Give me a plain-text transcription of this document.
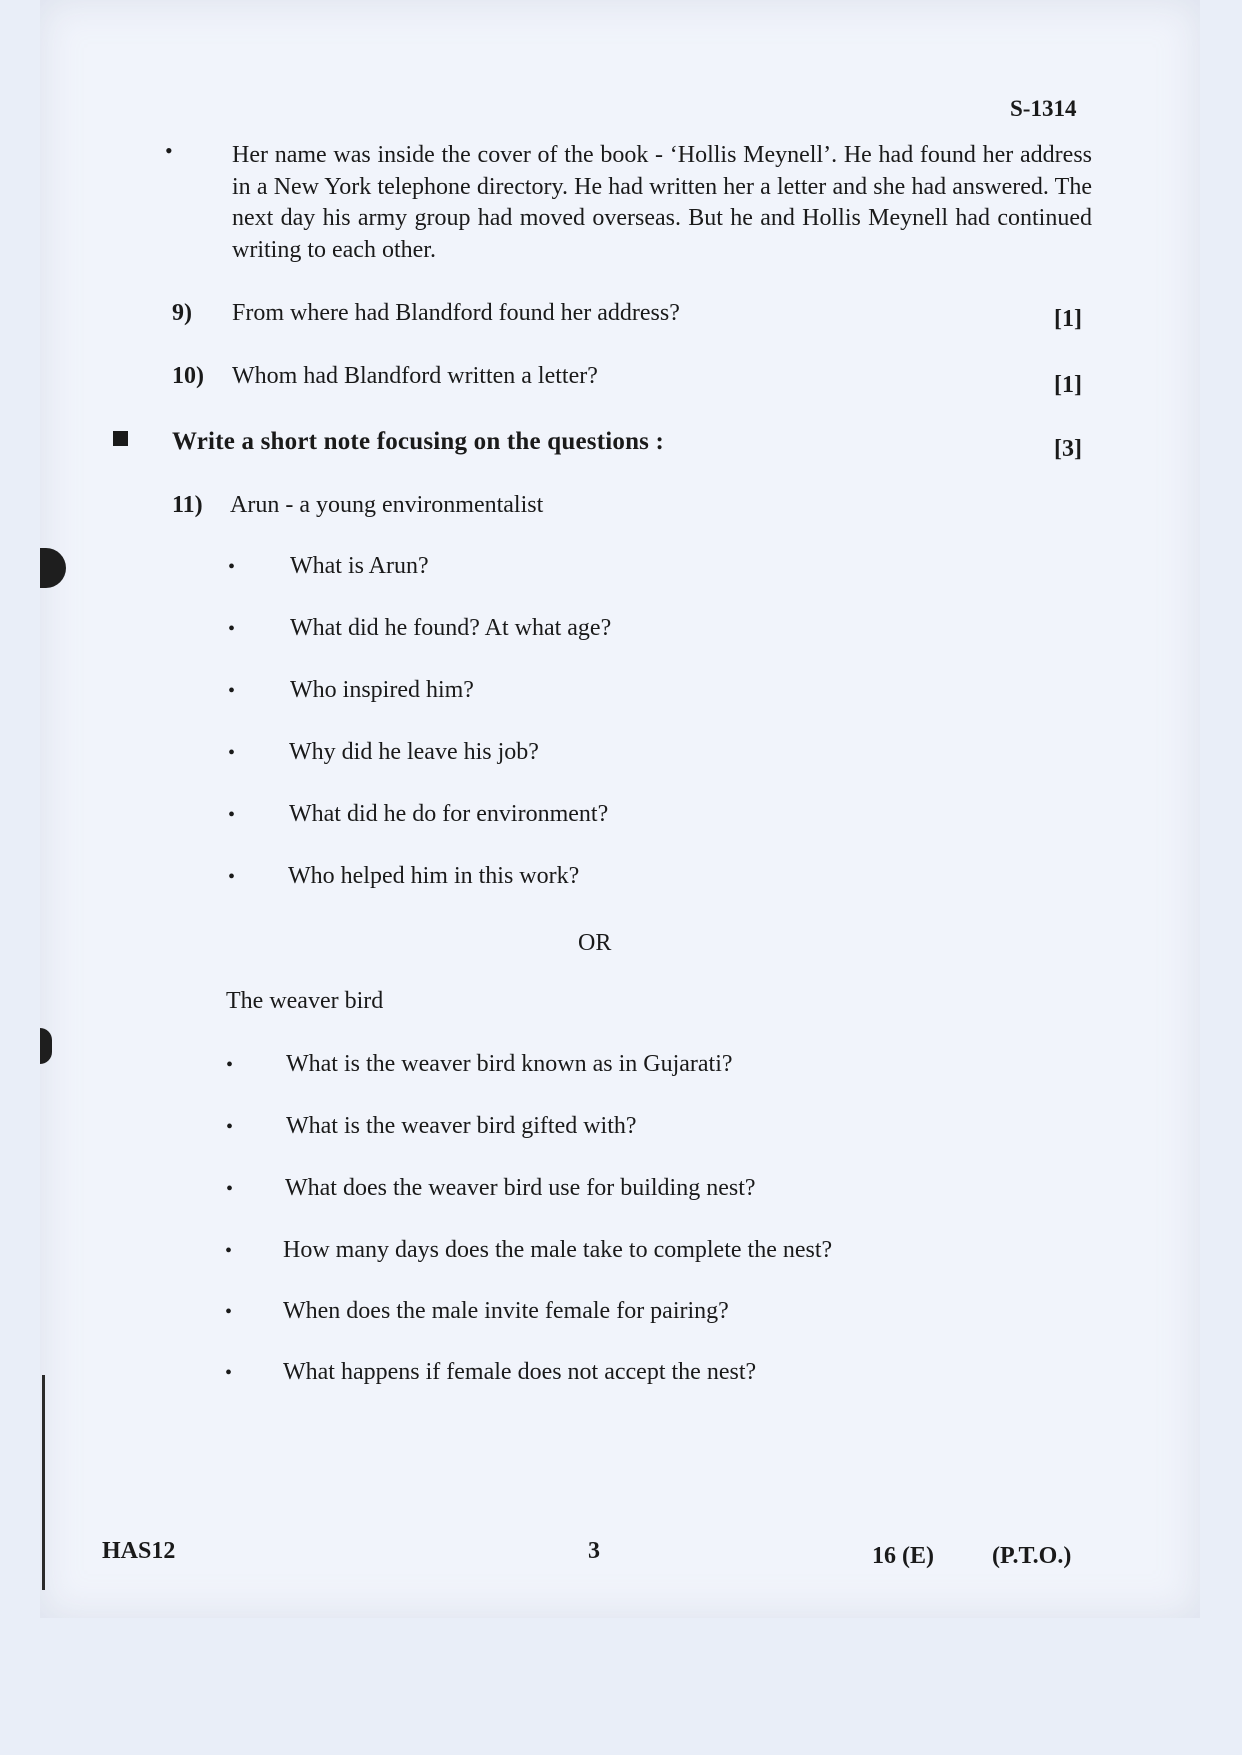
S-1314
• Her name was inside the cover of the book - ‘Hollis Meynell’. He had found her address in a New York telephone directory. He had written her a letter and she had answered. The next day his army group had moved overseas. But he and Hollis Meynell had continued writing to each other.
9) From where had Blandford found her address?	[1]
10) Whom had Blandford written a letter?	[1]
Write a short note focusing on the questions :	[3]
11) Arun - a young environmentalist
• What is Arun?
• What did he found? At what age?
• Who inspired him?
• Why did he leave his job?
• What did he do for environment?
• Who helped him in this work?
OR
The weaver bird
• What is the weaver bird known as in Gujarati?
• What is the weaver bird gifted with?
• What does the weaver bird use for building nest?
• How many days does the male take to complete the nest?
• When does the male invite female for pairing?
• What happens if female does not accept the nest?
HAS12	3	16 (E) (P.T.O.)
